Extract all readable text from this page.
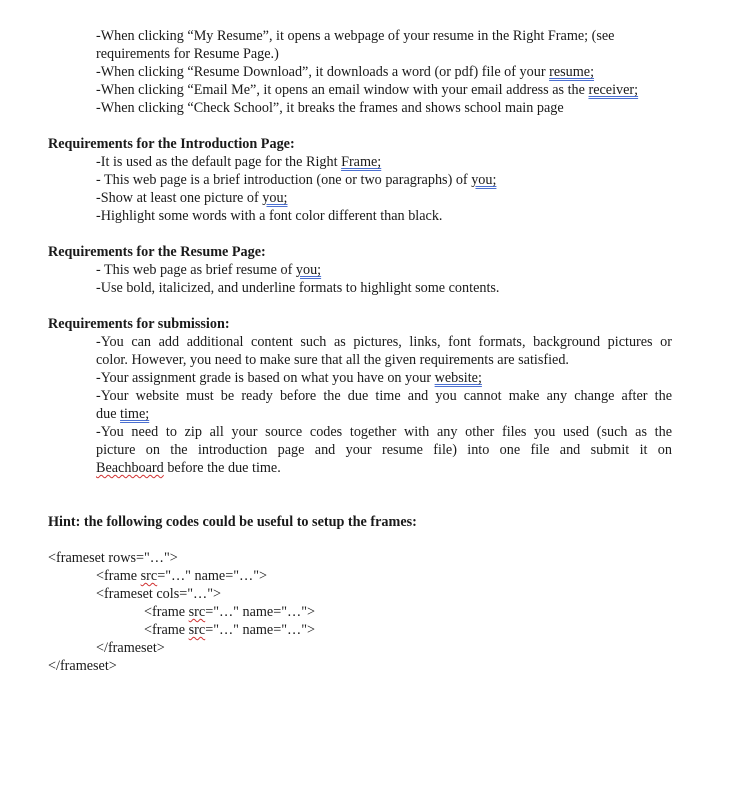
-When clicking “My Resume”, it opens a webpage of your resume in the Right Frame; (see
requirements for Resume Page.)
-When clicking “Resume Download”, it downloads a word (or pdf) file of your resume;
-When clicking “Email Me”, it opens an email window with your email address as the receiver;
-When clicking “Check School”, it breaks the frames and shows school main page
Requirements for the Introduction Page:
-It is used as the default page for the Right Frame;
- This web page is a brief introduction (one or two paragraphs) of you;
-Show at least one picture of you;
-Highlight some words with a font color different than black.
Requirements for the Resume Page:
- This web page as brief resume of you;
-Use bold, italicized, and underline formats to highlight some contents.
Requirements for submission:
-You can add additional content such as pictures, links, font formats, background pictures or
color. However, you need to make sure that all the given requirements are satisfied.
-Your assignment grade is based on what you have on your website;
-Your website must be ready before the due time and you cannot make any change after the
due time;
-You need to zip all your source codes together with any other files you used (such as the
picture on the introduction page and your resume file) into one file and submit it on
Beachboard before the due time.
Hint: the following codes could be useful to setup the frames:
<frameset rows="…">
<frame src="…" name="…">
<frameset cols="…">
<frame src="…" name="…">
<frame src="…" name="…">
</frameset>
</frameset>
